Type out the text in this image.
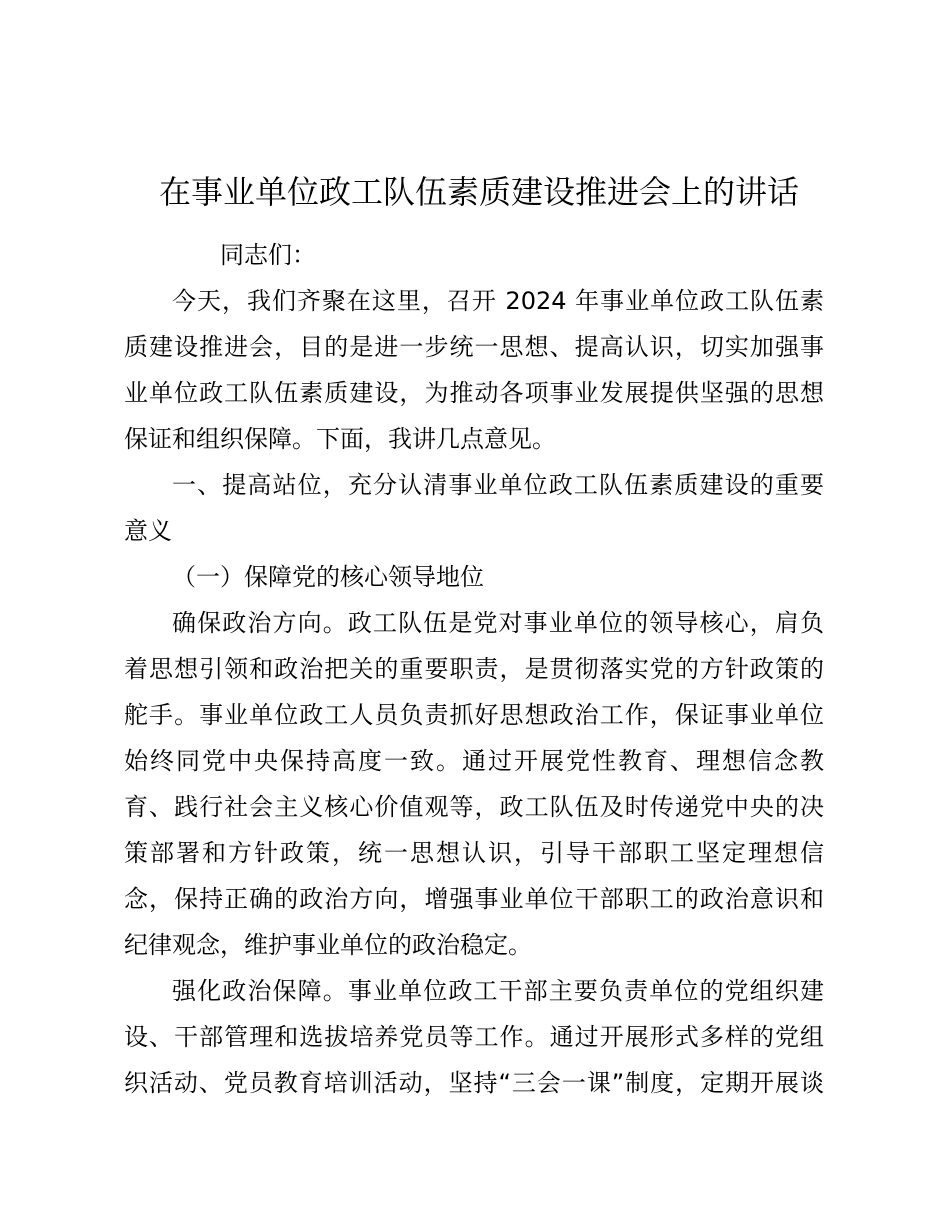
在事业单位政工队伍素质建设推进会上的讲话

同志们：

今天，我们齐聚在这里，召开 2024 年事业单位政工队伍素
质建设推进会，目的是进一步统一思想、提高认识，切实加强事
业单位政工队伍素质建设，为推动各项事业发展提供坚强的思想
保证和组织保障。下面，我讲几点意见。

一、提高站位，充分认清事业单位政工队伍素质建设的重要
意义

（一）保障党的核心领导地位

确保政治方向。政工队伍是党对事业单位的领导核心，肩负
着思想引领和政治把关的重要职责，是贯彻落实党的方针政策的
舵手。事业单位政工人员负责抓好思想政治工作，保证事业单位
始终同党中央保持高度一致。通过开展党性教育、理想信念教
育、践行社会主义核心价值观等，政工队伍及时传递党中央的决
策部署和方针政策，统一思想认识，引导干部职工坚定理想信
念，保持正确的政治方向，增强事业单位干部职工的政治意识和
纪律观念，维护事业单位的政治稳定。

强化政治保障。事业单位政工干部主要负责单位的党组织建
设、干部管理和选拔培养党员等工作。通过开展形式多样的党组
织活动、党员教育培训活动，坚持“三会一课”制度，定期开展谈
